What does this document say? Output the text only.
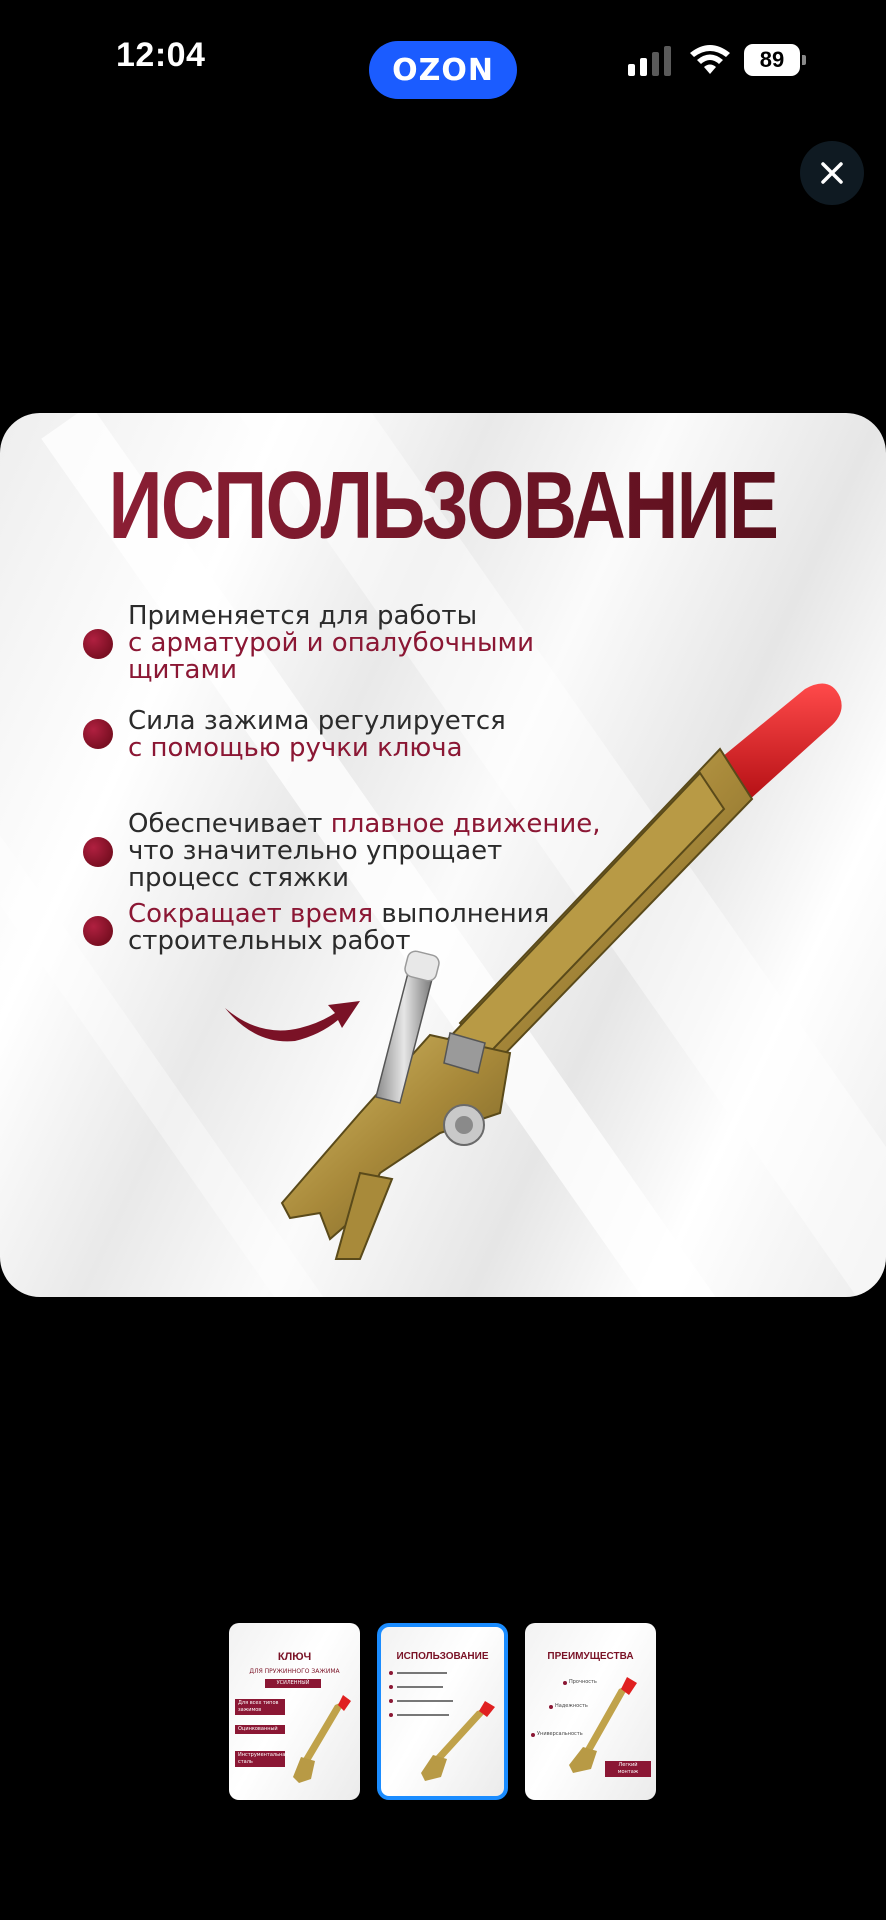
12:04	OZON	89
ИСПОЛЬЗОВАНИЕ
Применяется для работы
с арматурой и опалубочными
щитами
Сила зажима регулируется
с помощью ручки ключа
Обеспечивает плавное движение,
что значительно упрощает
процесс стяжки
Сокращает время выполнения
строительных работ
КЛЮЧ
ДЛЯ ПРУЖИННОГО ЗАЖИМА
УСИЛЕННЫЙ
Для всех типов зажимов
Оцинкованный
Инструментальная сталь
ИСПОЛЬЗОВАНИЕ	ПРЕИМУЩЕСТВА
Прочность
Надежность
Универсальность
Легкий монтаж
